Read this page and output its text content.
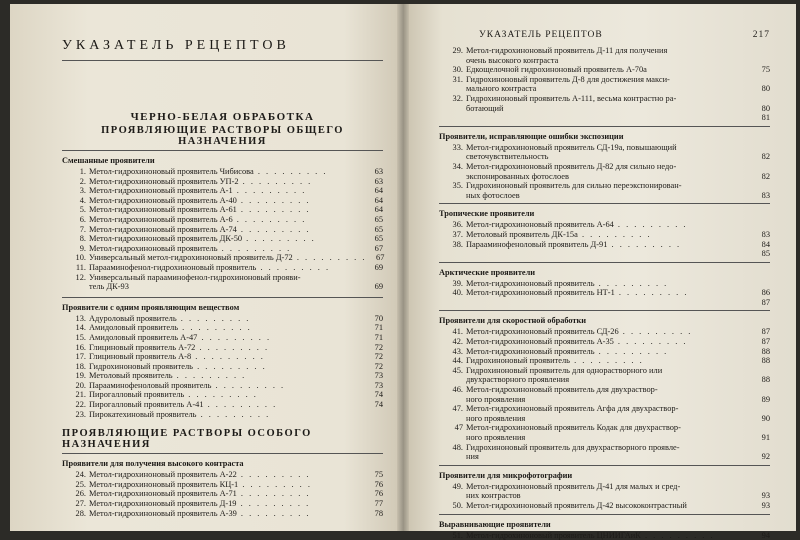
УКАЗАТЕЛЬ РЕЦЕПТОВ
ЧЕРНО-БЕЛАЯ ОБРАБОТКА
ПРОЯВЛЯЮЩИЕ РАСТВОРЫ ОБЩЕГО НАЗНАЧЕНИЯ
Смешанные проявители
1. Метол-гидрохиноновый проявитель Чибисова . . . . . . . . .	63
2. Метол-гидрохиноновый проявитель УП-2 . . . . . . . . .	63
3. Метол-гидрохиноновый проявитель А-1 . . . . . . . . .	64
4. Метол-гидрохиноновый проявитель А-40 . . . . . . . . .	64
5. Метол-гидрохиноновый проявитель А-61 . . . . . . . . .	64
6. Метол-гидрохиноновый проявитель А-6 . . . . . . . . .	65
7. Метол-гидрохиноновый проявитель А-74 . . . . . . . . .	65
8. Метол-гидрохиноновый проявитель ДК-50 . . . . . . . . .	65
9. Метол-гидрохиноновый проявитель . . . . . . . . .	67
10. Универсальный метол-гидрохиноновый проявитель Д-72 . . . . . . . . .	67
11. Парааминофенол-гидрохиноновый проявитель . . . . . . . . .	69
12. Универсальный парааминофенол-гидрохиноновый прояви-
тель ДК-93	69
Проявители с одним проявляющим веществом
13. Адуроловый проявитель . . . . . . . . .	70
14. Амидоловый проявитель . . . . . . . . .	71
15. Амидоловый проявитель А-47 . . . . . . . . .	71
16. Глициновый проявитель А-72 . . . . . . . . .	72
17. Глициновый проявитель А-8 . . . . . . . . .	72
18. Гидрохиноновый проявитель . . . . . . . . .	72
19. Метоловый проявитель . . . . . . . . .	73
20. Парааминофеноловый проявитель . . . . . . . . .	73
21. Пирогалловый проявитель . . . . . . . . .	74
22. Пирогалловый проявитель А-41 . . . . . . . . .	74
23. Пирокатехиновый проявитель . . . . . . . . .
ПРОЯВЛЯЮЩИЕ РАСТВОРЫ ОСОБОГО НАЗНАЧЕНИЯ
Проявители для получения высокого контраста
24. Метол-гидрохиноновый проявитель А-22 . . . . . . . . .	75
25. Метол-гидрохиноновый проявитель КЦ-1 . . . . . . . . .	76
26. Метол-гидрохиноновый проявитель А-71 . . . . . . . . .	76
27. Метол-гидрохиноновый проявитель Д-19 . . . . . . . . .	77
28. Метол-гидрохиноновый проявитель А-39 . . . . . . . . .	78
УКАЗАТЕЛЬ РЕЦЕПТОВ	217
29. Метол-гидрохиноновый проявитель Д-11 для получения
очень высокого контраста
30. Едкощелочной гидрохиноновый проявитель А-70а	75
31. Гидрохиноновый проявитель Д-8 для достижения макси-
мального контраста	80
32. Гидрохиноновый проявитель А-111, весьма контрастно ра-
ботающий	80
81
Проявители, исправляющие ошибки экспозиции
33. Метол-гидрохиноновый проявитель СД-19а, повышающий
светочувствительность	82
34. Метол-гидрохиноновый проявитель Д-82 для сильно недо-
экспонированных фотослоев	82
35. Гидрохиноновый проявитель для сильно переэкспонирован-
ных фотослоев	83
Тропические проявители
36. Метол-гидрохиноновый проявитель А-64 . . . . . . . . .
37. Метоловый проявитель ДК-15а . . . . . . . . .	83
38. Парааминофеноловый проявитель Д-91 . . . . . . . . .	84
85
Арктические проявители
39. Метол-гидрохиноновый проявитель . . . . . . . . .
40. Метол-гидрохиноновый проявитель НТ-1 . . . . . . . . .	86
87
Проявители для скоростной обработки
41. Метол-гидрохиноновый проявитель СД-26 . . . . . . . . .	87
42. Метол-гидрохиноновый проявитель А-35 . . . . . . . . .	87
43. Метол-гидрохиноновый проявитель . . . . . . . . .	88
44. Гидрохиноновый проявитель . . . . . . . . .	88
45. Гидрохиноновый проявитель для однорастворного или
двухрастворного проявления	88
46. Метол-гидрохиноновый проявитель для двухраствор-
ного проявления	89
47. Метол-гидрохиноновый проявитель Агфа для двухраствор-
ного проявления	90
47 Метол-гидрохиноновый проявитель Кодак для двухраствор-
ного проявления	91
48. Гидрохиноновый проявитель для двухрастворного проявле-
ния	92
Проявители для микрофотографии
49. Метол-гидрохиноновый проявитель Д-41 для малых и сред-
них контрастов	93
50. Метол-гидрохиноновый проявитель Д-42 высококонтрастный	93
Выравнивающие проявители
51. Метол-гидрохиноновый проявитель ЦНИИГАиК . . . . . . . . .	94
